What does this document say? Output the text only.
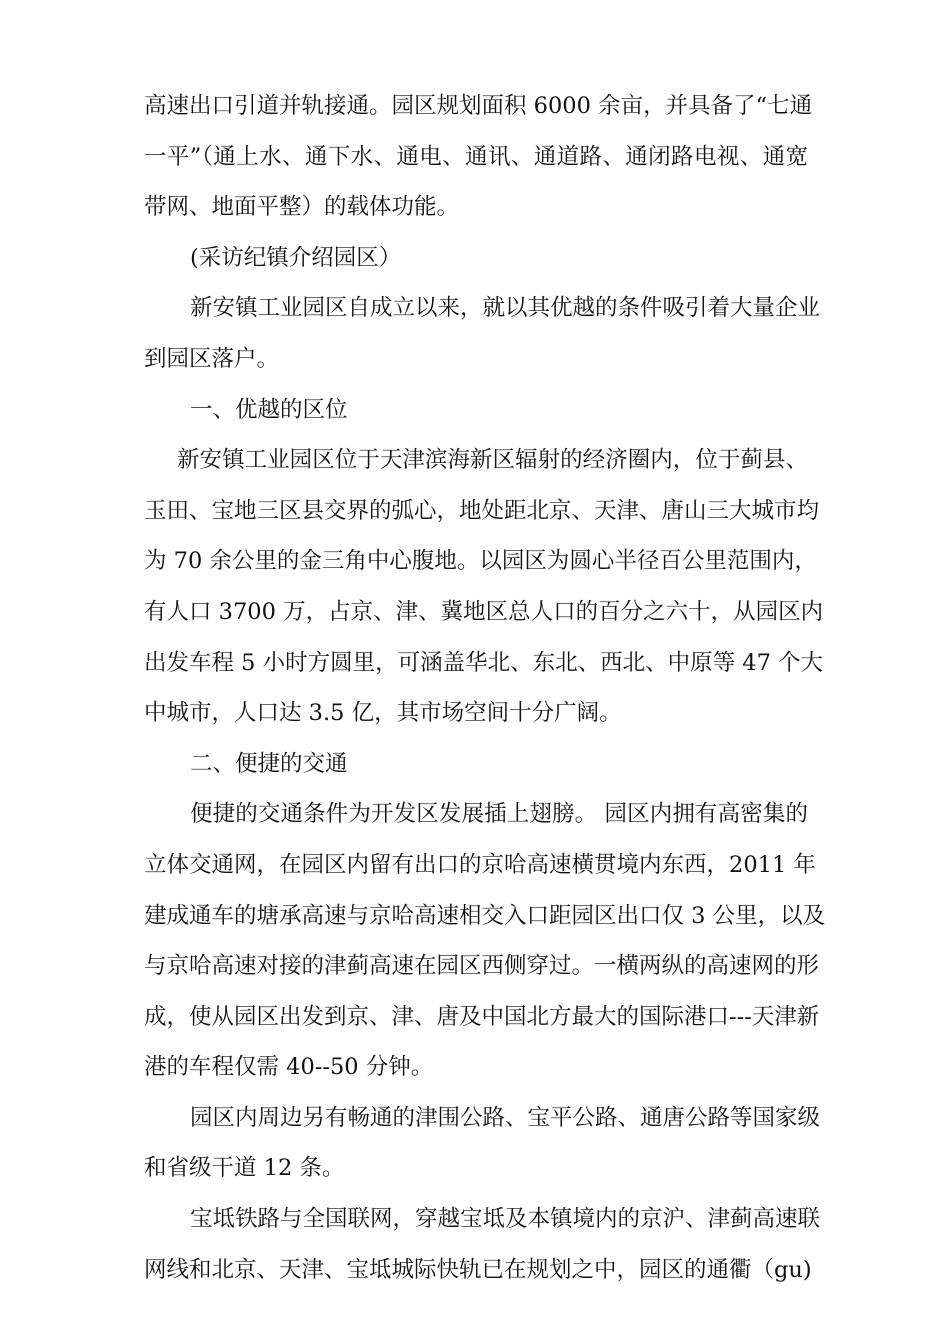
高速出口引道并轨接通。园区规划面积 6000 余亩，并具备了“七通
一平”（通上水、通下水、通电、通讯、通道路、通闭路电视、通宽
带网、地面平整）的载体功能。
(采访纪镇介绍园区）
新安镇工业园区自成立以来，就以其优越的条件吸引着大量企业
到园区落户。
一、优越的区位
新安镇工业园区位于天津滨海新区辐射的经济圈内，位于蓟县、
玉田、宝地三区县交界的弧心，地处距北京、天津、唐山三大城市均
为 70 余公里的金三角中心腹地。以园区为圆心半径百公里范围内，
有人口 3700 万，占京、津、冀地区总人口的百分之六十，从园区内
出发车程 5 小时方圆里，可涵盖华北、东北、西北、中原等 47 个大
中城市，人口达 3.5 亿，其市场空间十分广阔。
二、便捷的交通
便捷的交通条件为开发区发展插上翅膀。 园区内拥有高密集的
立体交通网，在园区内留有出口的京哈高速横贯境内东西，2011 年
建成通车的塘承高速与京哈高速相交入口距园区出口仅 3 公里，以及
与京哈高速对接的津蓟高速在园区西侧穿过。一横两纵的高速网的形
成，使从园区出发到京、津、唐及中国北方最大的国际港口---天津新
港的车程仅需 40--50 分钟。
园区内周边另有畅通的津围公路、宝平公路、通唐公路等国家级
和省级干道 12 条。
宝坻铁路与全国联网，穿越宝坻及本镇境内的京沪、津蓟高速联
网线和北京、天津、宝坻城际快轨已在规划之中，园区的通衢（gu)
